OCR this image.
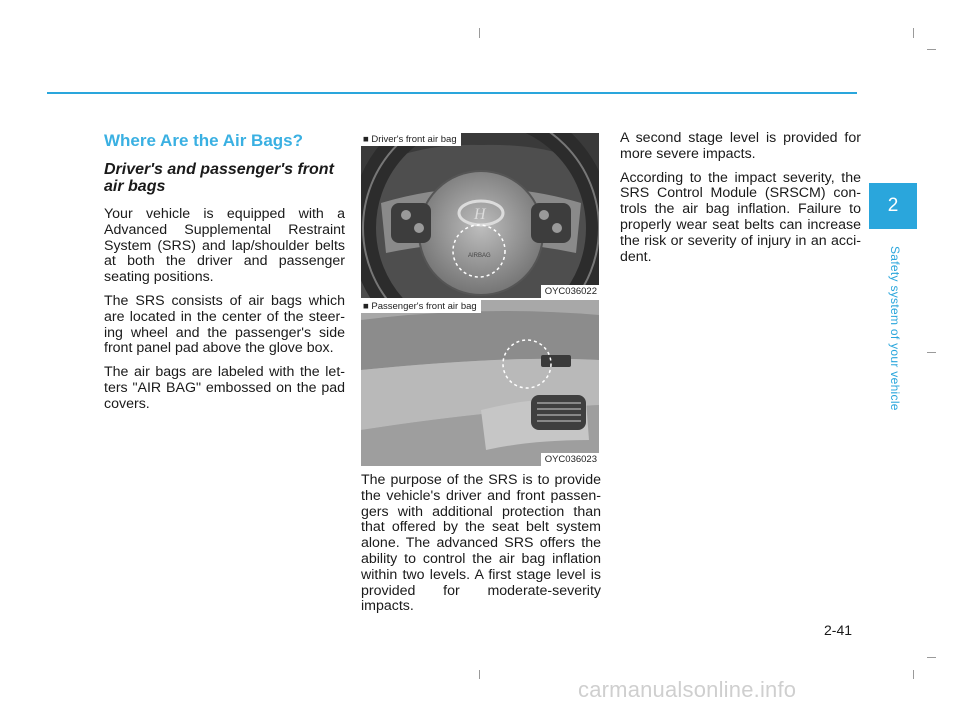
Where Are the Air Bags?
Driver's and passenger's front air bags

Your vehicle is equipped with a Advanced Supplemental Restraint System (SRS) and lap/shoulder belts at both the driver and passenger seating positions.

The SRS consists of air bags which are located in the center of the steer-ing wheel and the passenger's side front panel pad above the glove box.

The air bags are labeled with the let-ters "AIR BAG" embossed on the pad covers.

■ Driver's front air bag
H
AIRBAG
OYC036022
■ Passenger's front air bag
OYC036023

The purpose of the SRS is to provide the vehicle's driver and front passen-gers with additional protection than that offered by the seat belt system alone. The advanced SRS offers the ability to control the air bag inflation within two levels. A first stage level is provided for moderate-severity impacts.

A second stage level is provided for more severe impacts.

According to the impact severity, the SRS Control Module (SRSCM) con-trols the air bag inflation. Failure to properly wear seat belts can increase the risk or severity of injury in an acci-dent.

2
Safety system of your vehicle
2-41
carmanualsonline.info
